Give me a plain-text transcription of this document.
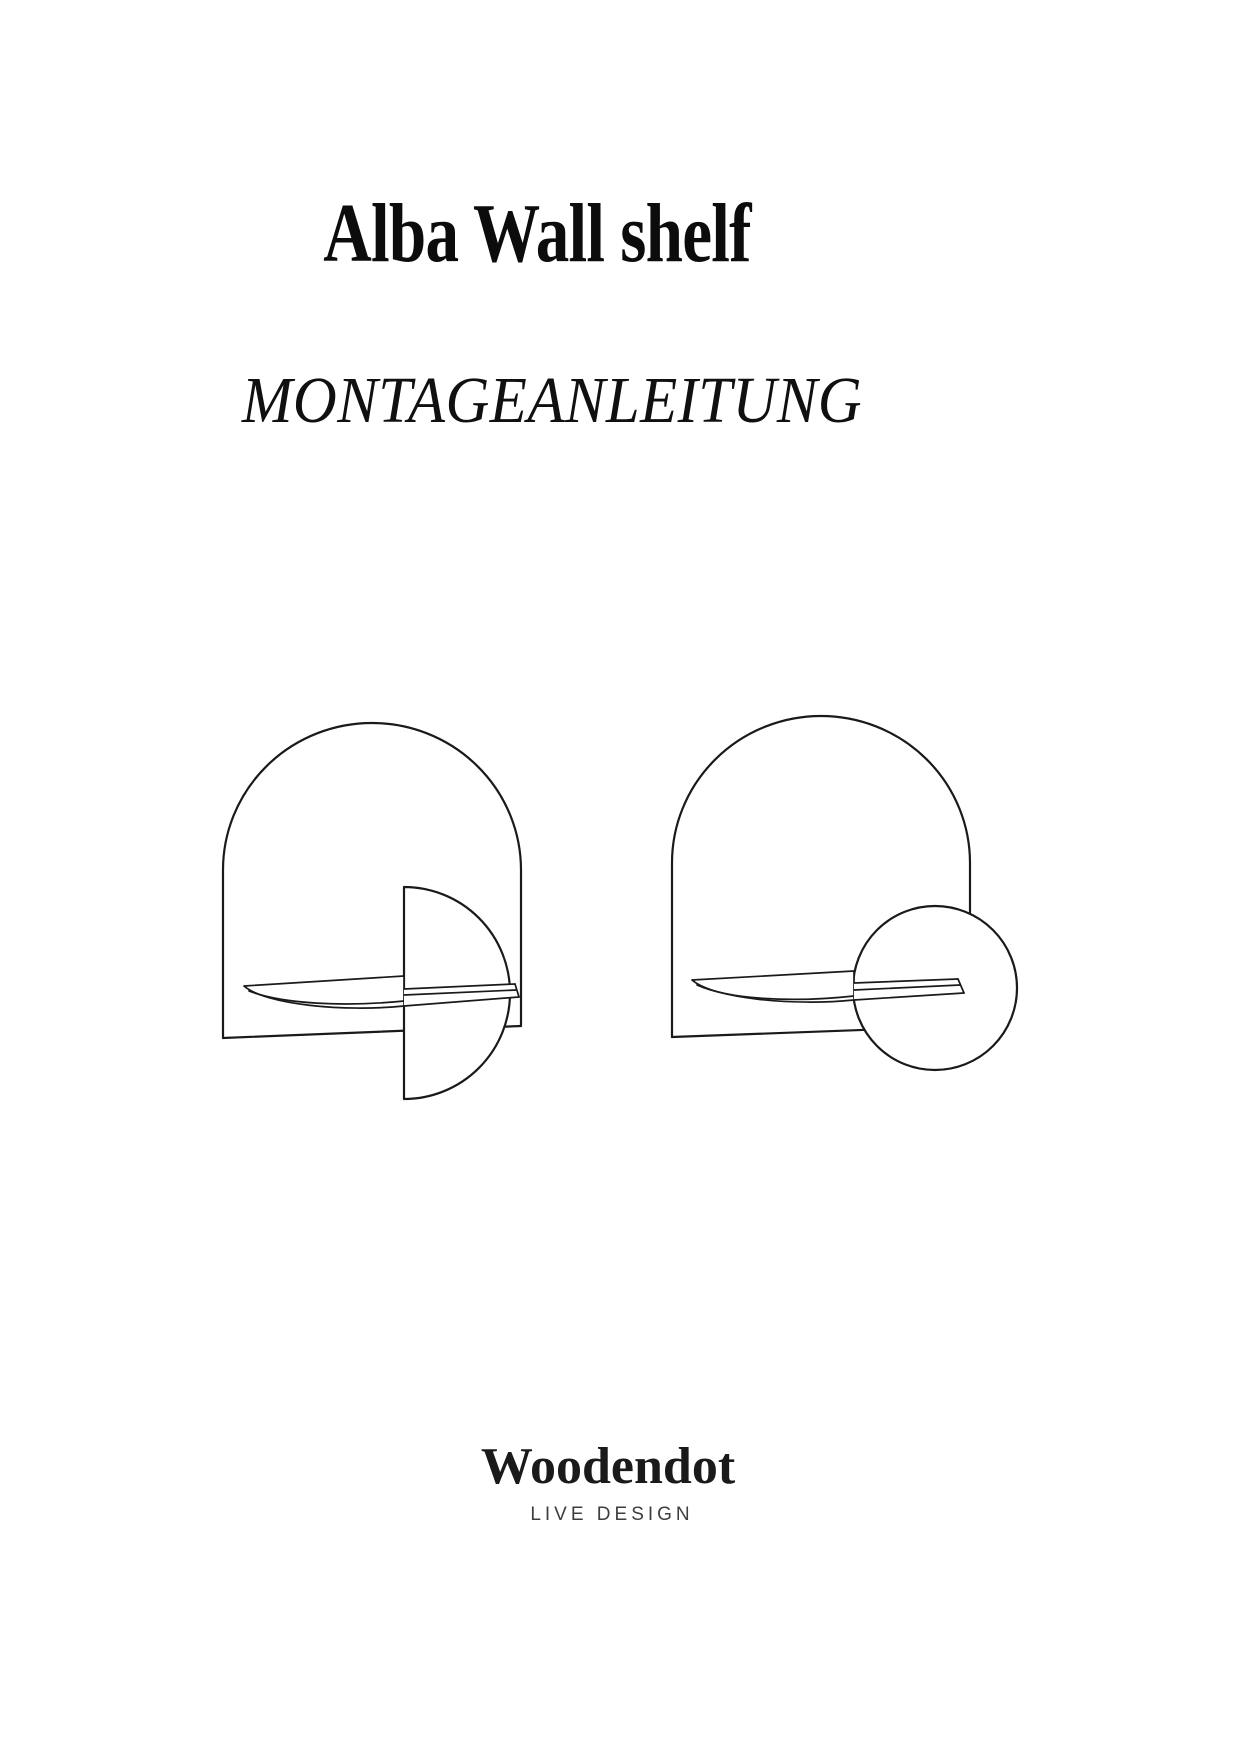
Alba Wall shelf
MONTAGEANLEITUNG
Woodendot
LIVE DESIGN
